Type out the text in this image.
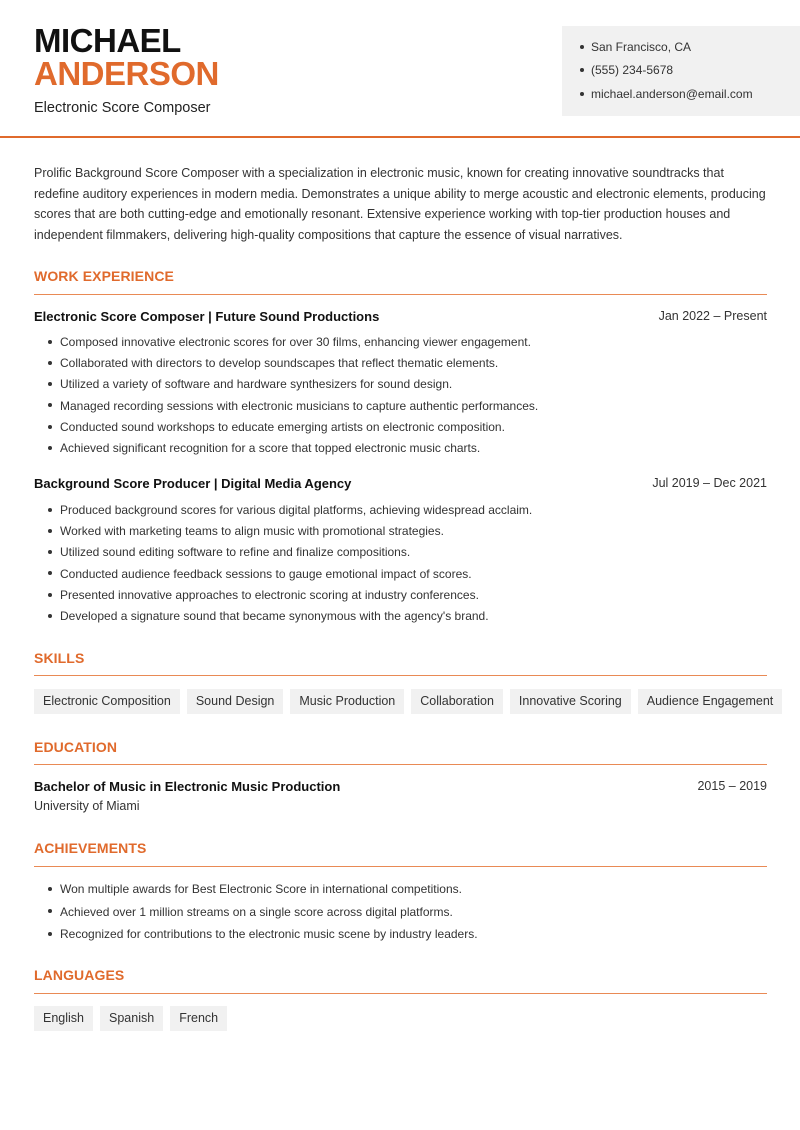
MICHAEL
ANDERSON
Electronic Score Composer
San Francisco, CA
(555) 234-5678
michael.anderson@email.com

Prolific Background Score Composer with a specialization in electronic music, known for creating innovative soundtracks that redefine auditory experiences in modern media. Demonstrates a unique ability to merge acoustic and electronic elements, producing scores that are both cutting-edge and emotionally resonant. Extensive experience working with top-tier production houses and independent filmmakers, delivering high-quality compositions that capture the essence of visual narratives.

WORK EXPERIENCE
Electronic Score Composer | Future Sound Productions	Jan 2022 – Present
Composed innovative electronic scores for over 30 films, enhancing viewer engagement.
Collaborated with directors to develop soundscapes that reflect thematic elements.
Utilized a variety of software and hardware synthesizers for sound design.
Managed recording sessions with electronic musicians to capture authentic performances.
Conducted sound workshops to educate emerging artists on electronic composition.
Achieved significant recognition for a score that topped electronic music charts.
Background Score Producer | Digital Media Agency	Jul 2019 – Dec 2021
Produced background scores for various digital platforms, achieving widespread acclaim.
Worked with marketing teams to align music with promotional strategies.
Utilized sound editing software to refine and finalize compositions.
Conducted audience feedback sessions to gauge emotional impact of scores.
Presented innovative approaches to electronic scoring at industry conferences.
Developed a signature sound that became synonymous with the agency's brand.
SKILLS
Electronic Composition	Sound Design	Music Production	Collaboration	Innovative Scoring	Audience Engagement
EDUCATION
Bachelor of Music in Electronic Music Production	2015 – 2019
University of Miami
ACHIEVEMENTS
Won multiple awards for Best Electronic Score in international competitions.
Achieved over 1 million streams on a single score across digital platforms.
Recognized for contributions to the electronic music scene by industry leaders.
LANGUAGES
English	Spanish	French
